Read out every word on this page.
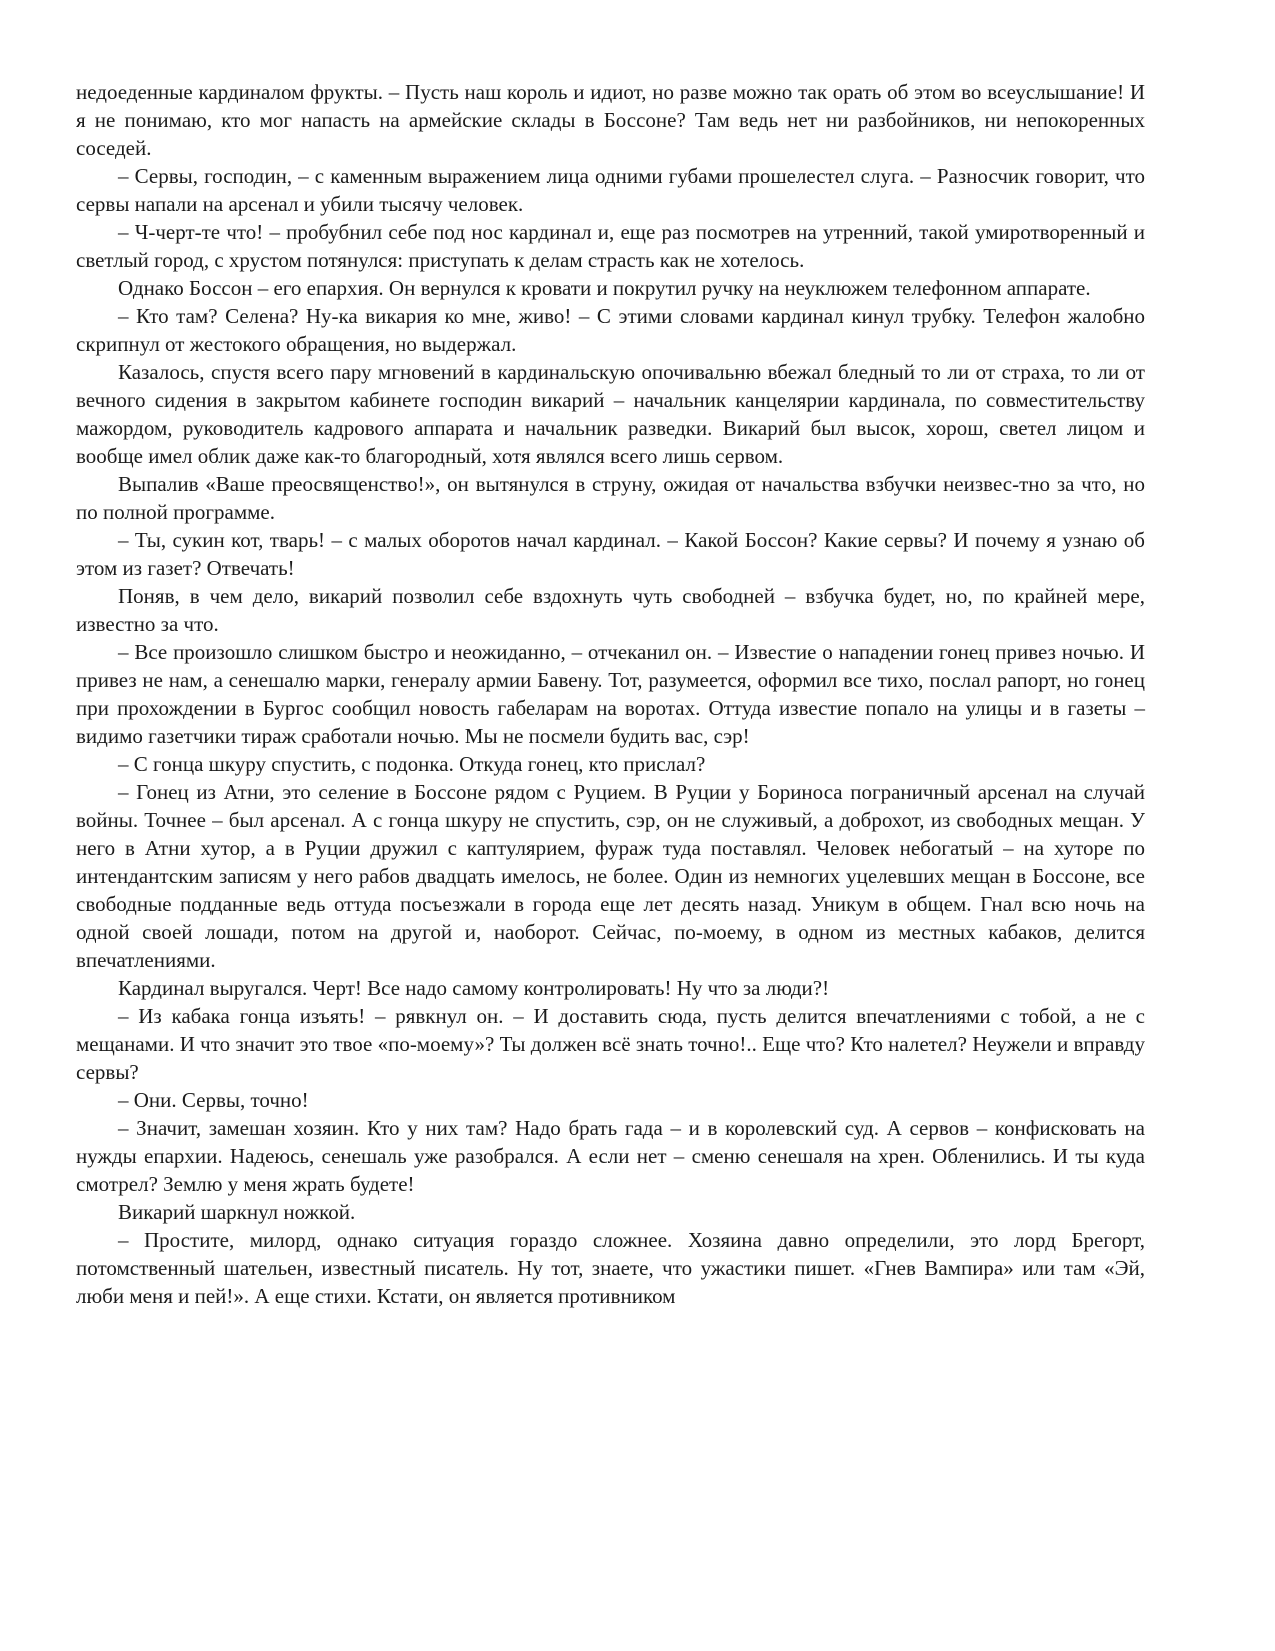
недоеденные кардиналом фрукты. – Пусть наш король и идиот, но разве можно так орать об этом во всеуслышание! И я не понимаю, кто мог напасть на армейские склады в Боссоне? Там ведь нет ни разбойников, ни непокоренных соседей.

– Сервы, господин, – с каменным выражением лица одними губами прошелестел слуга. – Разносчик говорит, что сервы напали на арсенал и убили тысячу человек.

– Ч-черт-те что! – пробубнил себе под нос кардинал и, еще раз посмотрев на утренний, такой умиротворенный и светлый город, с хрустом потянулся: приступать к делам страсть как не хотелось.

Однако Боссон – его епархия. Он вернулся к кровати и покрутил ручку на неуклюжем телефонном аппарате.

– Кто там? Селена? Ну-ка викария ко мне, живо! – С этими словами кардинал кинул трубку. Телефон жалобно скрипнул от жестокого обращения, но выдержал.

Казалось, спустя всего пару мгновений в кардинальскую опочивальню вбежал бледный то ли от страха, то ли от вечного сидения в закрытом кабинете господин викарий – начальник канцелярии кардинала, по совместительству мажордом, руководитель кадрового аппарата и начальник разведки. Викарий был высок, хорош, светел лицом и вообще имел облик даже как-то благородный, хотя являлся всего лишь сервом.

Выпалив «Ваше преосвященство!», он вытянулся в струну, ожидая от начальства взбучки неизвес-тно за что, но по полной программе.

– Ты, сукин кот, тварь! – с малых оборотов начал кардинал. – Какой Боссон? Какие сервы? И почему я узнаю об этом из газет? Отвечать!

Поняв, в чем дело, викарий позволил себе вздохнуть чуть свободней – взбучка будет, но, по крайней мере, известно за что.

– Все произошло слишком быстро и неожиданно, – отчеканил он. – Известие о нападении гонец привез ночью. И привез не нам, а сенешалю марки, генералу армии Бавену. Тот, разумеется, оформил все тихо, послал рапорт, но гонец при прохождении в Бургос сообщил новость габеларам на воротах. Оттуда известие попало на улицы и в газеты – видимо газетчики тираж сработали ночью. Мы не посмели будить вас, сэр!

– С гонца шкуру спустить, с подонка. Откуда гонец, кто прислал?

– Гонец из Атни, это селение в Боссоне рядом с Руцием. В Руции у Бориноса пограничный арсенал на случай войны. Точнее – был арсенал. А с гонца шкуру не спустить, сэр, он не служивый, а доброхот, из свободных мещан. У него в Атни хутор, а в Руции дружил с каптулярием, фураж туда поставлял. Человек небогатый – на хуторе по интендантским записям у него рабов двадцать имелось, не более. Один из немногих уцелевших мещан в Боссоне, все свободные подданные ведь оттуда посъезжали в города еще лет десять назад. Уникум в общем. Гнал всю ночь на одной своей лошади, потом на другой и, наоборот. Сейчас, по-моему, в одном из местных кабаков, делится впечатлениями.

Кардинал выругался. Черт! Все надо самому контролировать! Ну что за люди?!

– Из кабака гонца изъять! – рявкнул он. – И доставить сюда, пусть делится впечатлениями с тобой, а не с мещанами. И что значит это твое «по-моему»? Ты должен всё знать точно!.. Еще что? Кто налетел? Неужели и вправду сервы?

– Они. Сервы, точно!

– Значит, замешан хозяин. Кто у них там? Надо брать гада – и в королевский суд. А сервов – конфисковать на нужды епархии. Надеюсь, сенешаль уже разобрался. А если нет – сменю сенешаля на хрен. Обленились. И ты куда смотрел? Землю у меня жрать будете!

Викарий шаркнул ножкой.

– Простите, милорд, однако ситуация гораздо сложнее. Хозяина давно определили, это лорд Брегорт, потомственный шательен, известный писатель. Ну тот, знаете, что ужастики пишет. «Гнев Вампира» или там «Эй, люби меня и пей!». А еще стихи. Кстати, он является противником
